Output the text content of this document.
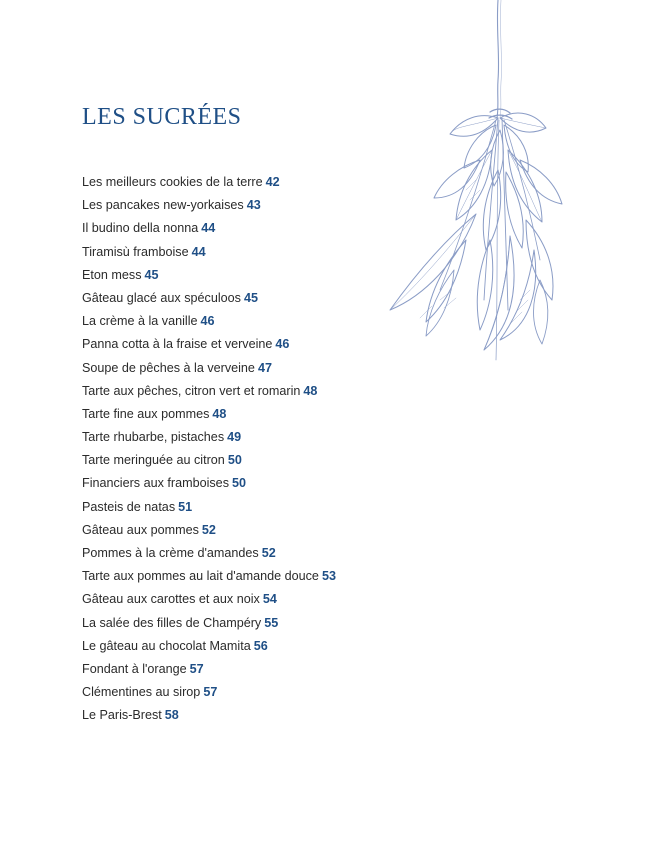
LES SUCRÉES
Les meilleurs cookies de la terre 42
Les pancakes new-yorkaises 43
Il budino della nonna 44
Tiramisù framboise 44
Eton mess 45
Gâteau glacé aux spéculoos 45
La crème à la vanille 46
Panna cotta à la fraise et verveine 46
Soupe de pêches à la verveine 47
Tarte aux pêches, citron vert et romarin 48
Tarte fine aux pommes 48
Tarte rhubarbe, pistaches 49
Tarte meringuée au citron 50
Financiers aux framboises 50
Pasteis de natas 51
Gâteau aux pommes 52
Pommes à la crème d'amandes 52
Tarte aux pommes au lait d'amande douce 53
Gâteau aux carottes et aux noix 54
La salée des filles de Champéry 55
Le gâteau au chocolat Mamita 56
Fondant à l'orange 57
Clémentines au sirop 57
Le Paris-Brest 58
